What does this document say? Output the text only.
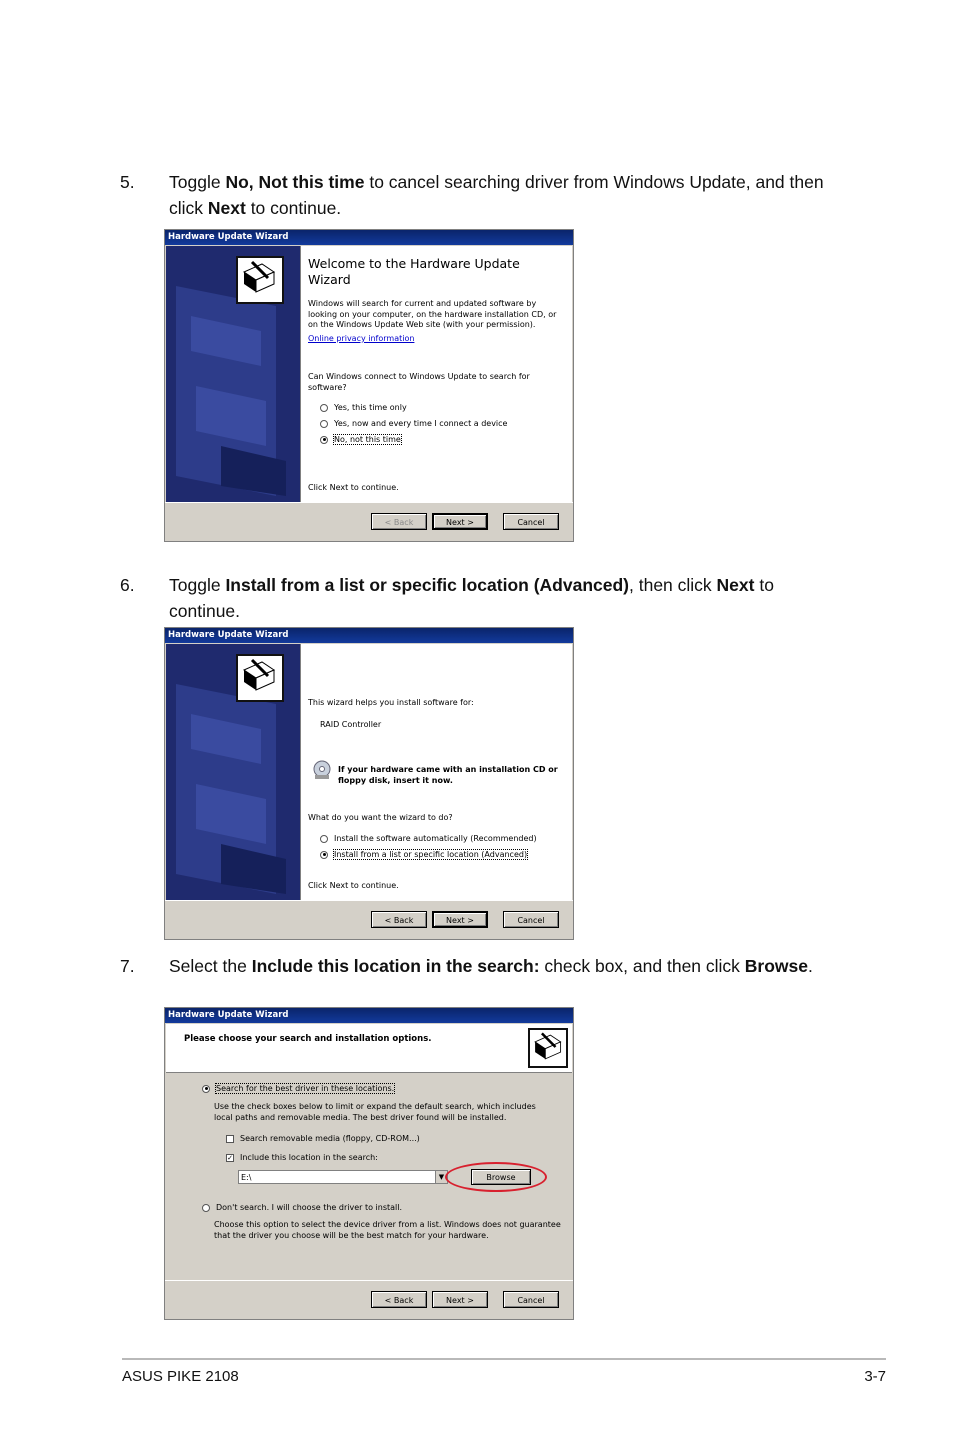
5. Toggle No, Not this time to cancel searching driver from Windows Update, and then click Next to continue.
Hardware Update Wizard
Welcome to the Hardware Update Wizard
Windows will search for current and updated software by looking on your computer, on the hardware installation CD, or on the Windows Update Web site (with your permission).
Online privacy information
Can Windows connect to Windows Update to search for software?
Yes, this time only
Yes, now and every time I connect a device
No, not this time
Click Next to continue.
< Back	Next >	Cancel
6. Toggle Install from a list or specific location (Advanced), then click Next to continue.
Hardware Update Wizard
This wizard helps you install software for:
RAID Controller
If your hardware came with an installation CD or floppy disk, insert it now.
What do you want the wizard to do?
Install the software automatically (Recommended)
Install from a list or specific location (Advanced)
Click Next to continue.
< Back	Next >	Cancel
7. Select the Include this location in the search: check box, and then click Browse.
Hardware Update Wizard
Please choose your search and installation options.
Search for the best driver in these locations.
Use the check boxes below to limit or expand the default search, which includes local paths and removable media. The best driver found will be installed.
Search removable media (floppy, CD-ROM...)
✓ Include this location in the search:
E:\	▼	Browse
Don't search. I will choose the driver to install.
Choose this option to select the device driver from a list. Windows does not guarantee that the driver you choose will be the best match for your hardware.
< Back	Next >	Cancel
ASUS PIKE 2108	3-7
